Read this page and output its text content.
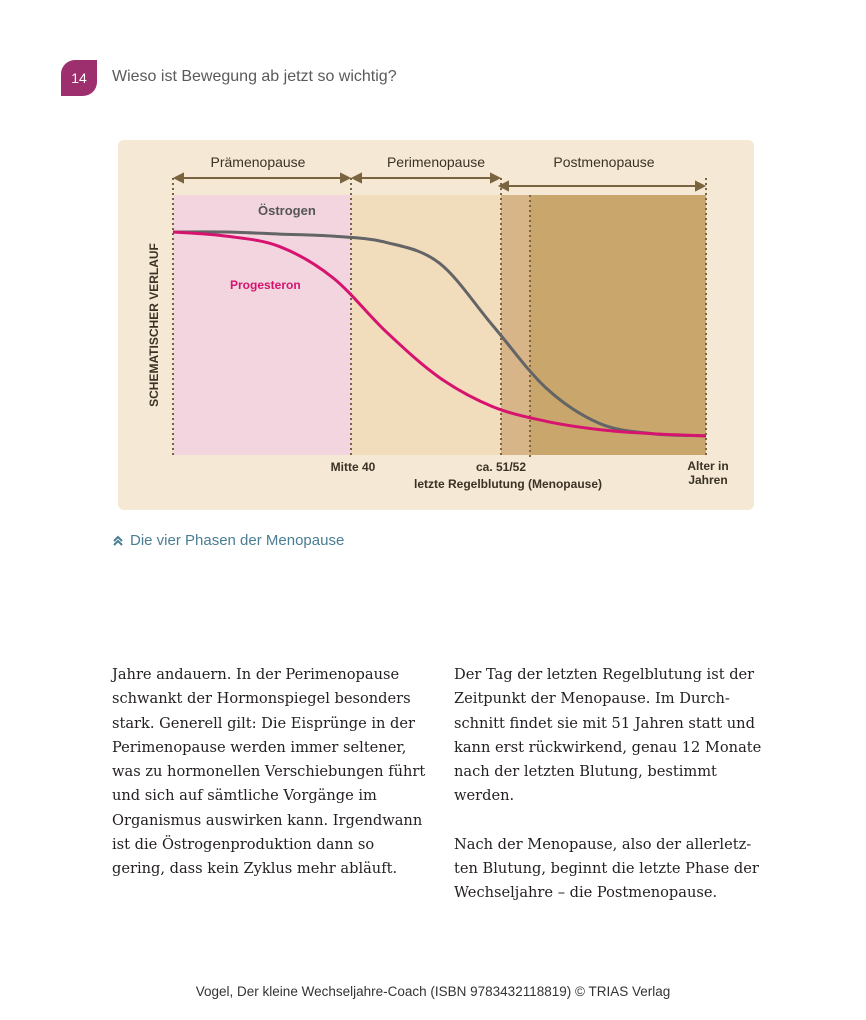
14 Wieso ist Bewegung ab jetzt so wichtig?
Prämenopause	Perimenopause	Postmenopause
SCHEMATISCHER VERLAUF
Östrogen
Progesteron
Mitte 40	ca. 51/52
letzte Regelblutung (Menopause)
Alter in
Jahren
Die vier Phasen der Menopause

Jahre andauern. In der Perimenopause schwankt der Hormonspiegel besonders stark. Generell gilt: Die Eisprünge in der Perimenopause werden immer seltener, was zu hormonellen Verschiebungen führt und sich auf sämtliche Vorgänge im Organismus auswirken kann. Irgendwann ist die Östrogenproduktion dann so gering, dass kein Zyklus mehr abläuft.

Der Tag der letzten Regelblutung ist der Zeitpunkt der Menopause. Im Durchschnitt findet sie mit 51 Jahren statt und kann erst rückwirkend, genau 12 Monate nach der letzten Blutung, bestimmt werden.

Nach der Menopause, also der allerletzten Blutung, beginnt die letzte Phase der Wechseljahre – die Postmenopause.

Vogel, Der kleine Wechseljahre-Coach (ISBN 9783432118819) © TRIAS Verlag
